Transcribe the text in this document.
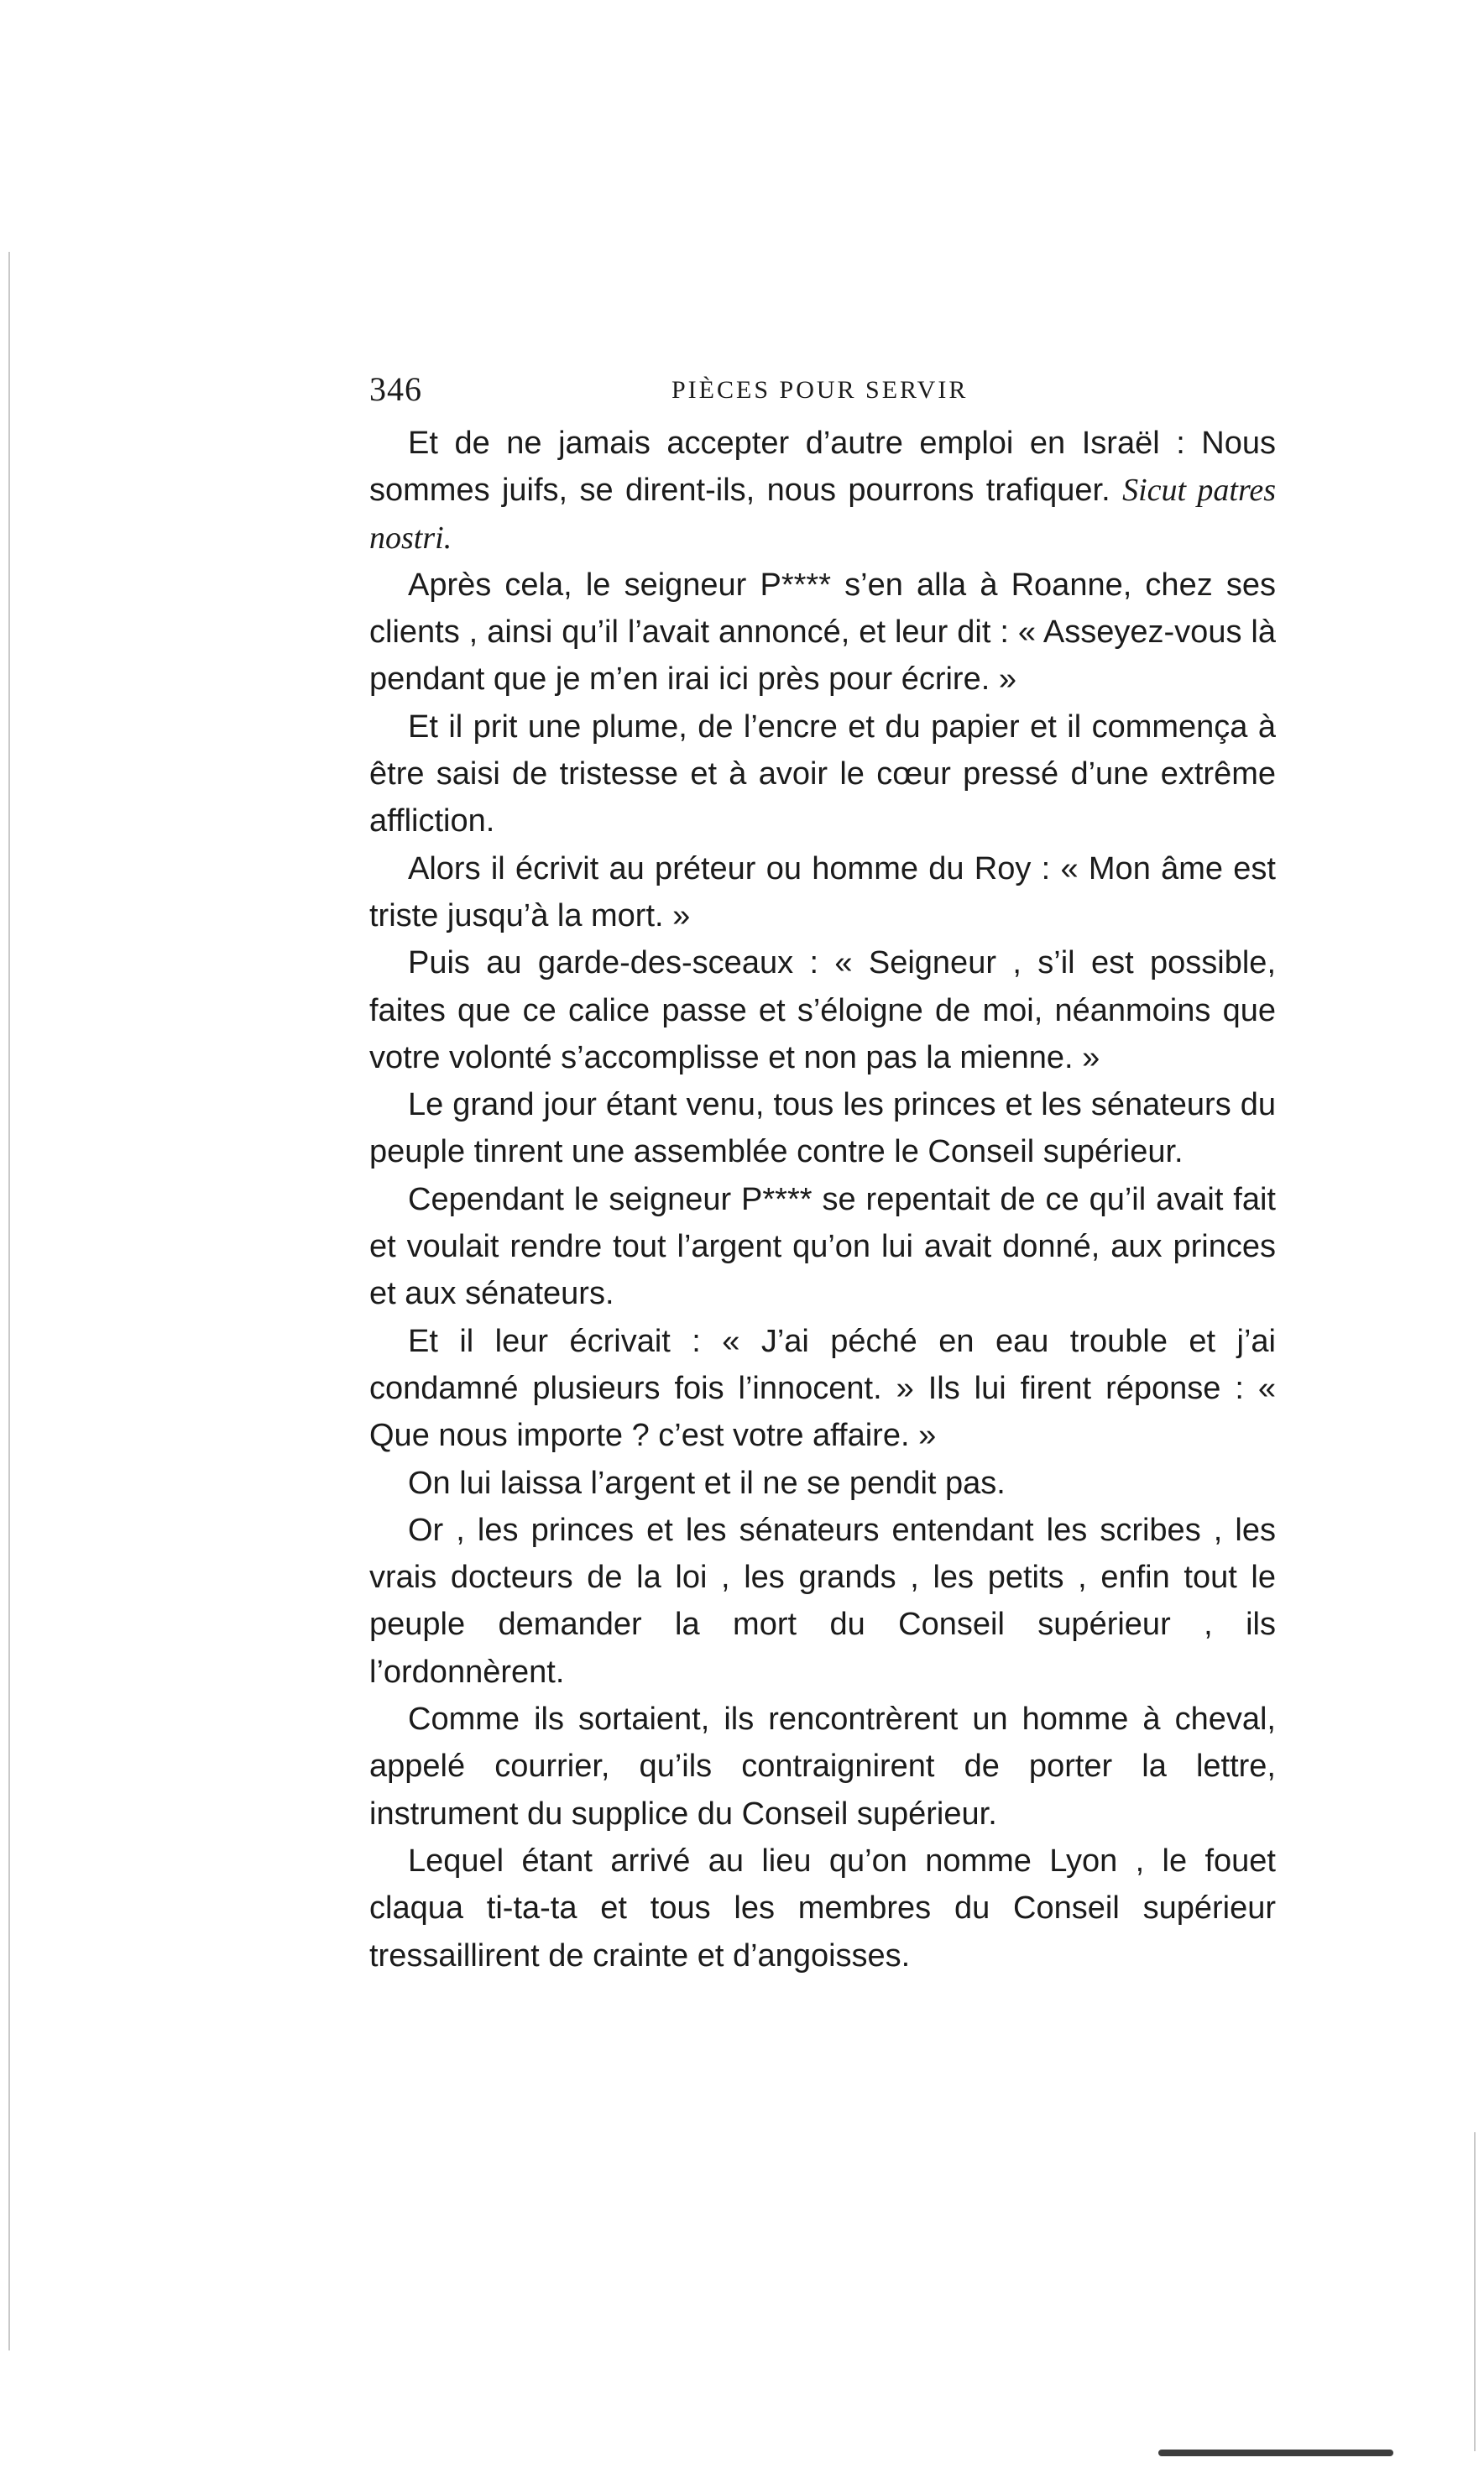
346	PIÈCES POUR SERVIR

Et de ne jamais accepter d’autre emploi en Israël : Nous sommes juifs, se dirent-ils, nous pourrons trafiquer. Sicut patres nostri.

Après cela, le seigneur P**** s’en alla à Roanne, chez ses clients , ainsi qu’il l’avait annoncé, et leur dit : « Asseyez-vous là pendant que je m’en irai ici près pour écrire. »

Et il prit une plume, de l’encre et du papier et il commença à être saisi de tristesse et à avoir le cœur pressé d’une extrême affliction.

Alors il écrivit au préteur ou homme du Roy : « Mon âme est triste jusqu’à la mort. »

Puis au garde-des-sceaux : « Seigneur , s’il est possible, faites que ce calice passe et s’éloigne de moi, néanmoins que votre volonté s’accomplisse et non pas la mienne. »

Le grand jour étant venu, tous les princes et les sénateurs du peuple tinrent une assemblée contre le Conseil supérieur.

Cependant le seigneur P**** se repentait de ce qu’il avait fait et voulait rendre tout l’argent qu’on lui avait donné, aux princes et aux sénateurs.

Et il leur écrivait : « J’ai péché en eau trouble et j’ai condamné plusieurs fois l’innocent. » Ils lui firent réponse : « Que nous importe ? c’est votre affaire. »

On lui laissa l’argent et il ne se pendit pas.

Or , les princes et les sénateurs entendant les scribes , les vrais docteurs de la loi , les grands , les petits , enfin tout le peuple demander la mort du Conseil supérieur , ils l’ordonnèrent.

Comme ils sortaient, ils rencontrèrent un homme à cheval, appelé courrier, qu’ils contraignirent de porter la lettre, instrument du supplice du Conseil supérieur.

Lequel étant arrivé au lieu qu’on nomme Lyon , le fouet claqua ti-ta-ta et tous les membres du Conseil supérieur tressaillirent de crainte et d’angoisses.
